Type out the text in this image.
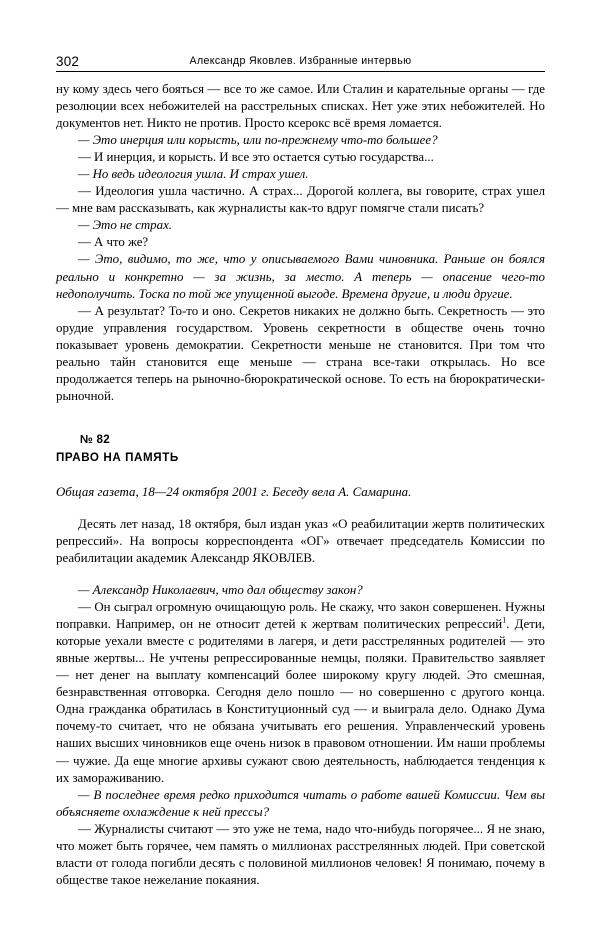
302	Александр Яковлев. Избранные интервью

ну кому здесь чего бояться — все то же самое. Или Сталин и карательные органы — где резолюции всех небожителей на расстрельных списках. Нет уже этих небожителей. Но документов нет. Никто не против. Просто ксерокс всё время ломается.

— Это инерция или корысть, или по-прежнему что-то большее?

— И инерция, и корысть. И все это остается сутью государства...

— Но ведь идеология ушла. И страх ушел.

— Идеология ушла частично. А страх... Дорогой коллега, вы говорите, страх ушел — мне вам рассказывать, как журналисты как-то вдруг помягче стали писать?

— Это не страх.

— А что же?

— Это, видимо, то же, что у описываемого Вами чиновника. Раньше он боялся реально и конкретно — за жизнь, за место. А теперь — опасение чего-то недополучить. Тоска по той же упущенной выгоде. Времена другие, и люди другие.

— А результат? То-то и оно. Секретов никаких не должно быть. Секретность — это орудие управления государством. Уровень секретности в обществе очень точно показывает уровень демократии. Секретности меньше не становится. При том что реально тайн становится еще меньше — страна все-таки открылась. Но все продолжается теперь на рыночно-бюрократической основе. То есть на бюрократически-рыночной.

№ 82
ПРАВО НА ПАМЯТЬ
Общая газета, 18—24 октября 2001 г. Беседу вела А. Самарина.

Десять лет назад, 18 октября, был издан указ «О реабилитации жертв политических репрессий». На вопросы корреспондента «ОГ» отвечает председатель Комиссии по реабилитации академик Александр ЯКОВЛЕВ.

— Александр Николаевич, что дал обществу закон?

— Он сыграл огромную очищающую роль. Не скажу, что закон совершенен. Нужны поправки. Например, он не относит детей к жертвам политических репрессий$^1$. Дети, которые уехали вместе с родителями в лагеря, и дети расстрелянных родителей — это явные жертвы... Не учтены репрессированные немцы, поляки. Правительство заявляет — нет денег на выплату компенсаций более широкому кругу людей. Это смешная, безнравственная отговорка. Сегодня дело пошло — но совершенно с другого конца. Одна гражданка обратилась в Конституционный суд — и выиграла дело. Однако Дума почему-то считает, что не обязана учитывать его решения. Управленческий уровень наших высших чиновников еще очень низок в правовом отношении. Им наши проблемы — чужие. Да еще многие архивы сужают свою деятельность, наблюдается тенденция к их замораживанию.

— В последнее время редко приходится читать о работе вашей Комиссии. Чем вы объясняете охлаждение к ней прессы?

— Журналисты считают — это уже не тема, надо что-нибудь погорячее... Я не знаю, что может быть горячее, чем память о миллионах расстрелянных людей. При советской власти от голода погибли десять с половиной миллионов человек! Я понимаю, почему в обществе такое нежелание покаяния.
